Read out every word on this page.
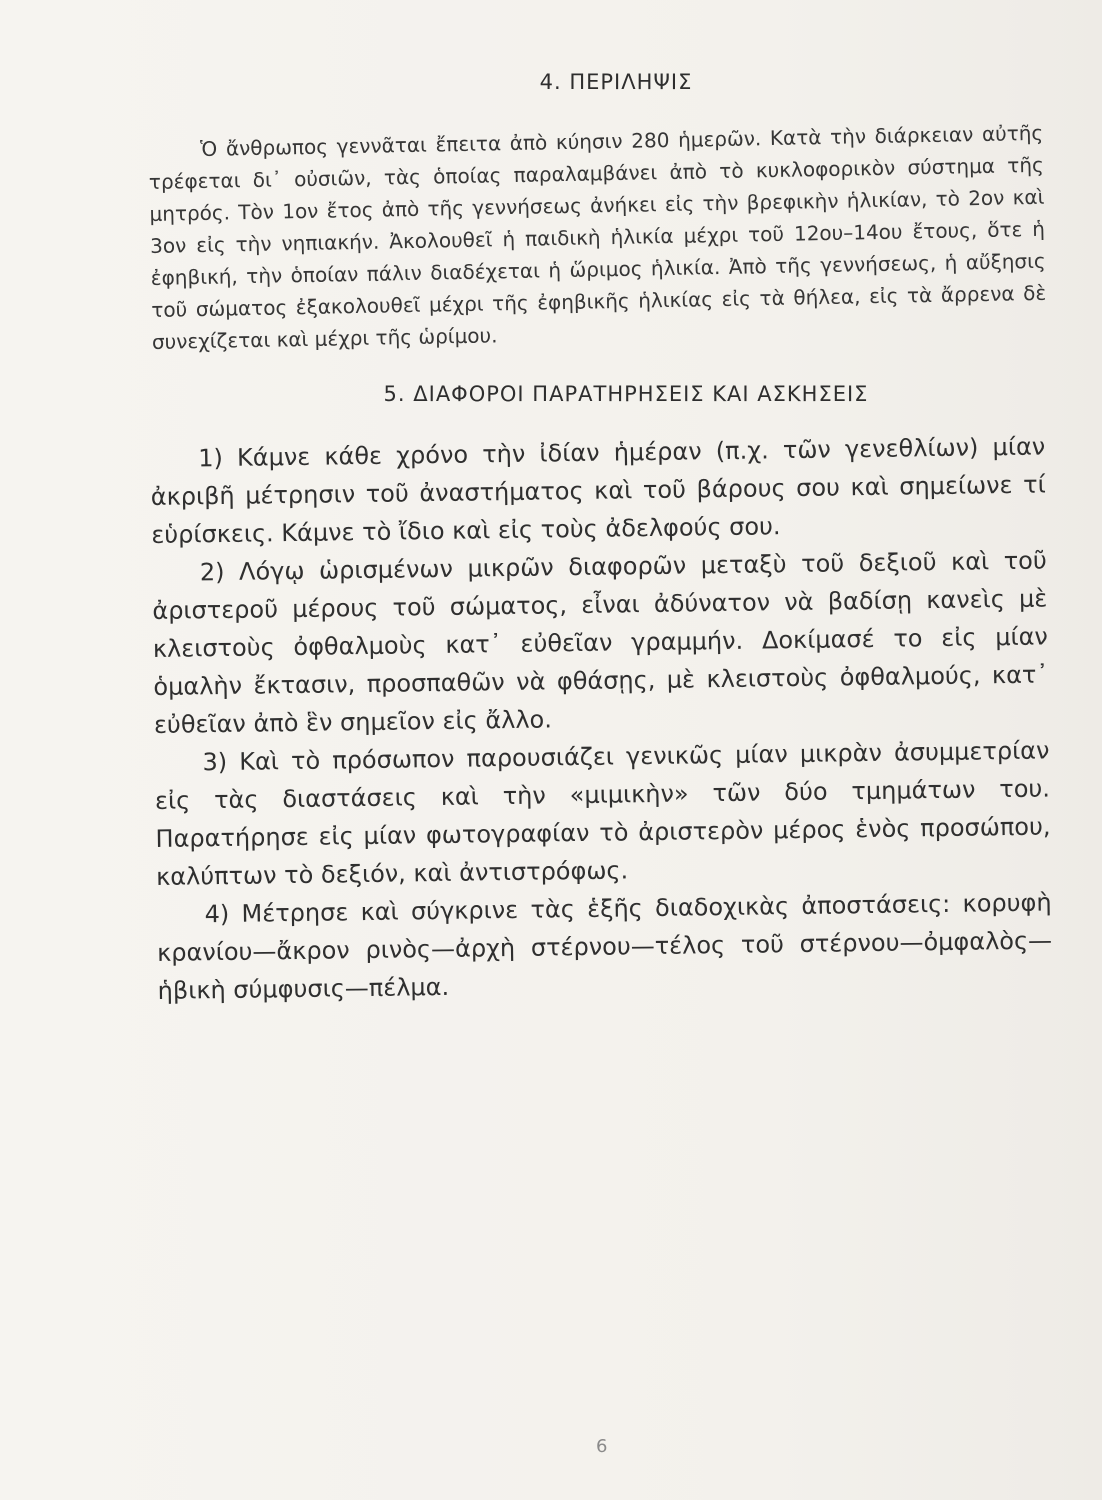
4. ΠΕΡΙΛΗΨΙΣ

Ὁ ἄνθρωπος γεννᾶται ἔπειτα ἀπὸ κύησιν 280 ἡμερῶν. Κατὰ τὴν διάρκειαν αὐτῆς τρέφεται δι᾽ οὐσιῶν, τὰς ὁποίας παραλαμβάνει ἀπὸ τὸ κυκλοφορικὸν σύστημα τῆς μητρός. Τὸν 1ον ἔτος ἀπὸ τῆς γεννήσεως ἀνήκει εἰς τὴν βρεφικὴν ἡλικίαν, τὸ 2ον καὶ 3ον εἰς τὴν νηπιακήν. Ἀκολουθεῖ ἡ παιδικὴ ἡλικία μέχρι τοῦ 12ου–14ου ἔτους, ὅτε ἡ ἐφηβική, τὴν ὁποίαν πάλιν διαδέχεται ἡ ὥριμος ἡλικία. Ἀπὸ τῆς γεννήσεως, ἡ αὔξησις τοῦ σώματος ἐξακολουθεῖ μέχρι τῆς ἐφηβικῆς ἡλικίας εἰς τὰ θήλεα, εἰς τὰ ἄρρενα δὲ συνεχίζεται καὶ μέχρι τῆς ὡρίμου.

5. ΔΙΑΦΟΡΟΙ ΠΑΡΑΤΗΡΗΣΕΙΣ ΚΑΙ ΑΣΚΗΣΕΙΣ

1) Κάμνε κάθε χρόνο τὴν ἰδίαν ἡμέραν (π.χ. τῶν γενεθλίων) μίαν ἀκριβῆ μέτρησιν τοῦ ἀναστήματος καὶ τοῦ βάρους σου καὶ σημείωνε τί εὑρίσκεις. Κάμνε τὸ ἴδιο καὶ εἰς τοὺς ἀδελφούς σου.

2) Λόγῳ ὡρισμένων μικρῶν διαφορῶν μεταξὺ τοῦ δεξιοῦ καὶ τοῦ ἀριστεροῦ μέρους τοῦ σώματος, εἶναι ἀδύνατον νὰ βαδίσῃ κανεὶς μὲ κλειστοὺς ὀφθαλμοὺς κατ᾽ εὐθεῖαν γραμμήν. Δοκίμασέ το εἰς μίαν ὁμαλὴν ἔκτασιν, προσπαθῶν νὰ φθάσῃς, μὲ κλειστοὺς ὀφθαλμούς, κατ᾽ εὐθεῖαν ἀπὸ ἓν σημεῖον εἰς ἄλλο.

3) Καὶ τὸ πρόσωπον παρουσιάζει γενικῶς μίαν μικρὰν ἀσυμμετρίαν εἰς τὰς διαστάσεις καὶ τὴν «μιμικὴν» τῶν δύο τμημάτων του. Παρατήρησε εἰς μίαν φωτογραφίαν τὸ ἀριστερὸν μέρος ἑνὸς προσώπου, καλύπτων τὸ δεξιόν, καὶ ἀντιστρόφως.

4) Μέτρησε καὶ σύγκρινε τὰς ἑξῆς διαδοχικὰς ἀποστάσεις: κορυφὴ κρανίου—ἄκρον ρινὸς—ἀρχὴ στέρνου—τέλος τοῦ στέρνου—ὀμφαλὸς—ἡβικὴ σύμφυσις—πέλμα.

6
